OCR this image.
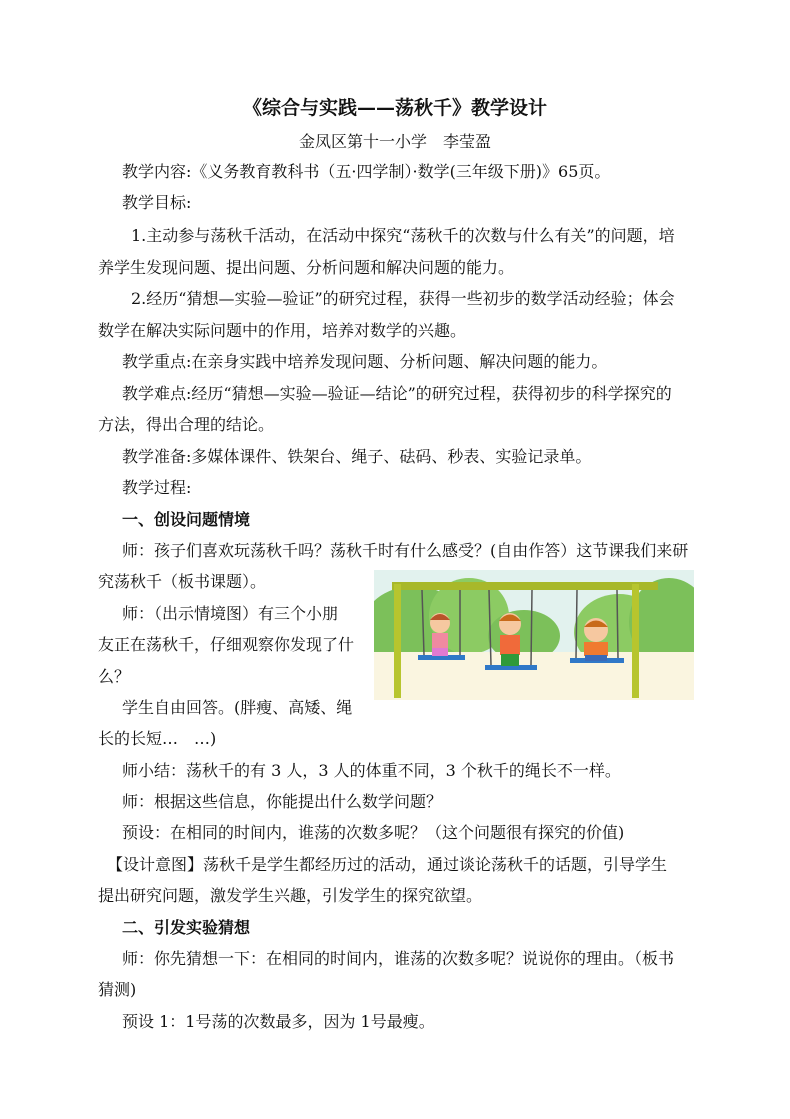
《综合与实践——荡秋千》教学设计
金凤区第十一小学　李莹盈
教学内容:《义务教育教科书（五·四学制）·数学(三年级下册)》65页。
教学目标:
1.主动参与荡秋千活动，在活动中探究“荡秋千的次数与什么有关”的问题，培
养学生发现问题、提出问题、分析问题和解决问题的能力。
2.经历“猜想—实验—验证”的研究过程，获得一些初步的数学活动经验；体会
数学在解决实际问题中的作用，培养对数学的兴趣。
教学重点:在亲身实践中培养发现问题、分析问题、解决问题的能力。
教学难点:经历“猜想—实验—验证—结论”的研究过程，获得初步的科学探究的
方法，得出合理的结论。
教学准备:多媒体课件、铁架台、绳子、砝码、秒表、实验记录单。
教学过程:
一、创设问题情境
师：孩子们喜欢玩荡秋千吗？荡秋千时有什么感受？(自由作答）这节课我们来研
究荡秋千（板书课题）。
师：（出示情境图）有三个小朋
友正在荡秋千，仔细观察你发现了什
么？
学生自由回答。(胖瘦、高矮、绳
长的长短…　…)
师小结：荡秋千的有 3 人，3 人的体重不同，3 个秋千的绳长不一样。
师：根据这些信息，你能提出什么数学问题？
预设：在相同的时间内，谁荡的次数多呢？（这个问题很有探究的价值)
【设计意图】荡秋千是学生都经历过的活动，通过谈论荡秋千的话题，引导学生
提出研究问题，激发学生兴趣，引发学生的探究欲望。
二、引发实验猜想
师：你先猜想一下：在相同的时间内，谁荡的次数多呢？说说你的理由。（板书
猜测)
预设 1：1号荡的次数最多，因为 1号最瘦。
